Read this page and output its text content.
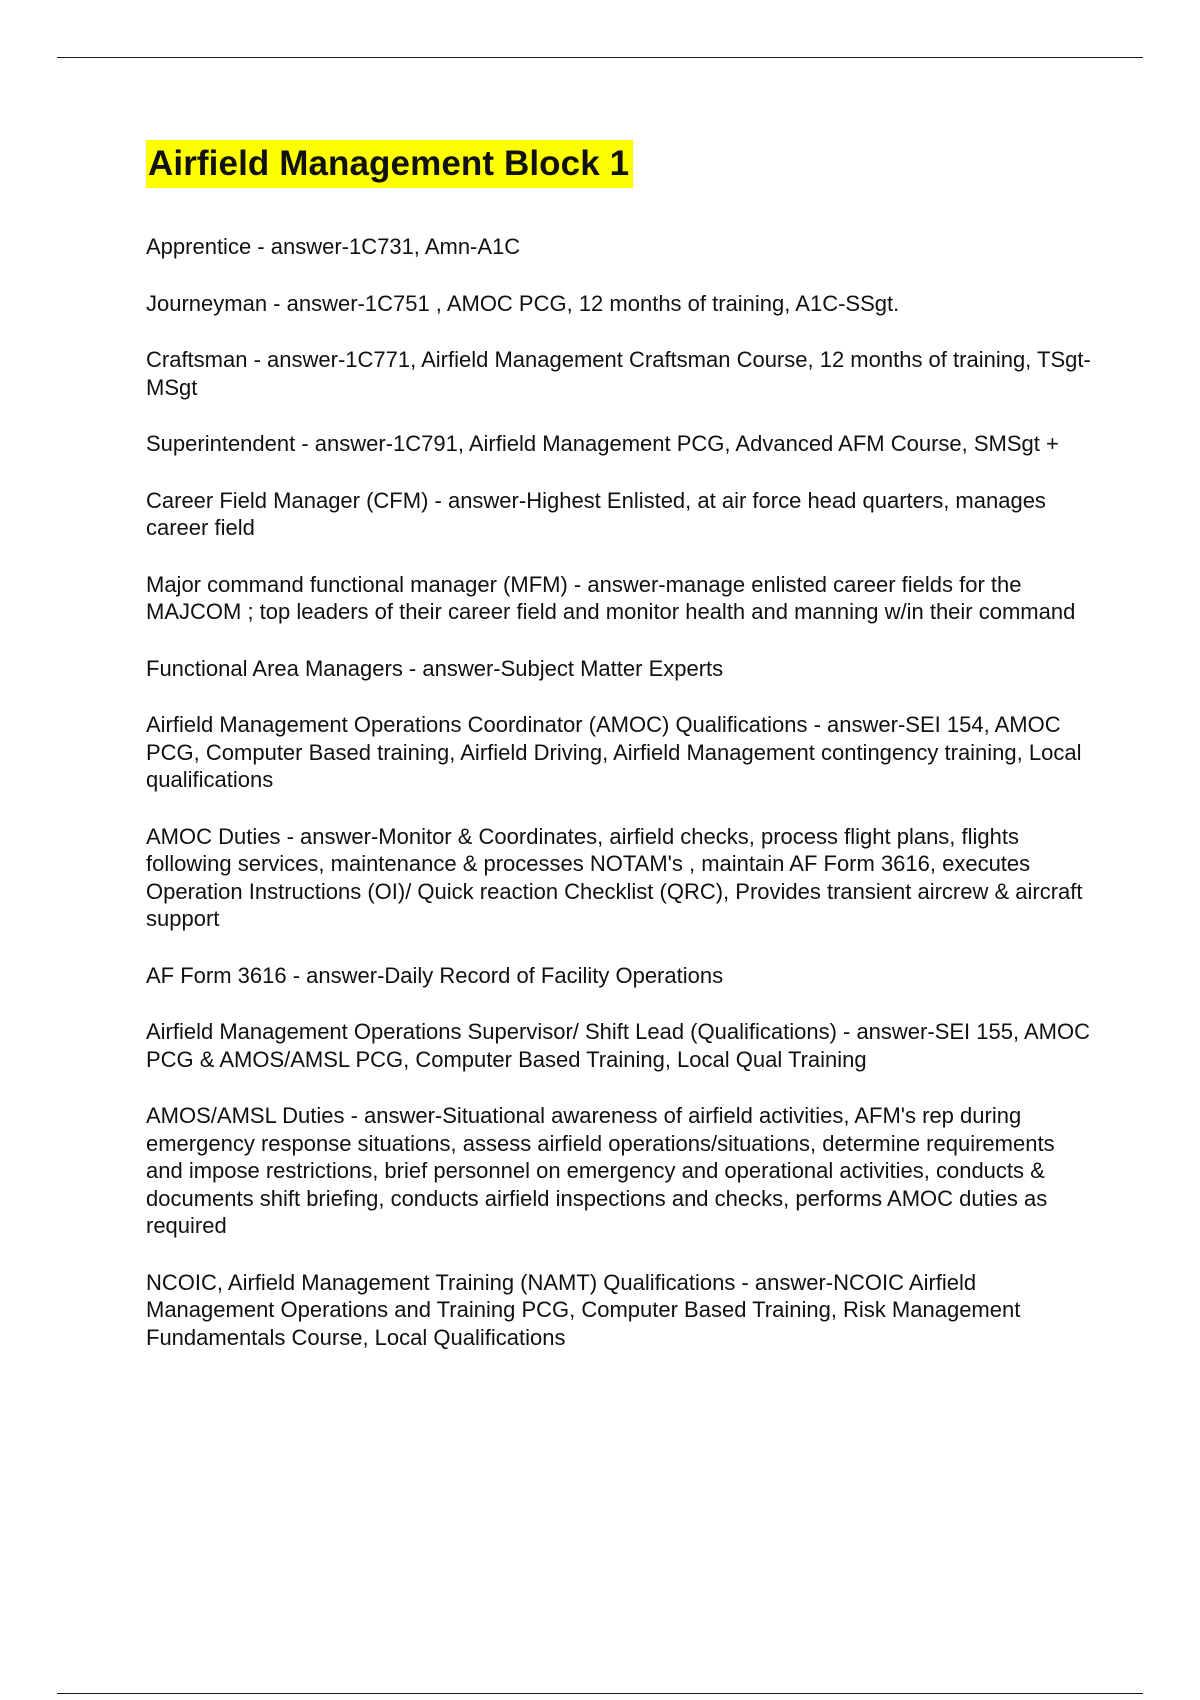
Airfield Management Block 1

Apprentice - answer-1C731, Amn-A1C

Journeyman - answer-1C751 , AMOC PCG, 12 months of training, A1C-SSgt.

Craftsman - answer-1C771, Airfield Management Craftsman Course, 12 months of training, TSgt-MSgt

Superintendent - answer-1C791, Airfield Management PCG, Advanced AFM Course, SMSgt +

Career Field Manager (CFM) - answer-Highest Enlisted, at air force head quarters, manages career field

Major command functional manager (MFM) - answer-manage enlisted career fields for the MAJCOM ; top leaders of their career field and monitor health and manning w/in their command

Functional Area Managers - answer-Subject Matter Experts

Airfield Management Operations Coordinator (AMOC) Qualifications - answer-SEI 154, AMOC PCG, Computer Based training, Airfield Driving, Airfield Management contingency training, Local qualifications

AMOC Duties - answer-Monitor & Coordinates, airfield checks, process flight plans, flights following services, maintenance & processes NOTAM's , maintain AF Form 3616, executes Operation Instructions (OI)/ Quick reaction Checklist (QRC), Provides transient aircrew & aircraft support

AF Form 3616 - answer-Daily Record of Facility Operations

Airfield Management Operations Supervisor/ Shift Lead (Qualifications) - answer-SEI 155, AMOC PCG & AMOS/AMSL PCG, Computer Based Training, Local Qual Training

AMOS/AMSL Duties - answer-Situational awareness of airfield activities, AFM's rep during emergency response situations, assess airfield operations/situations, determine requirements and impose restrictions, brief personnel on emergency and operational activities, conducts & documents shift briefing, conducts airfield inspections and checks, performs AMOC duties as required

NCOIC, Airfield Management Training (NAMT) Qualifications - answer-NCOIC Airfield Management Operations and Training PCG, Computer Based Training, Risk Management Fundamentals Course, Local Qualifications
